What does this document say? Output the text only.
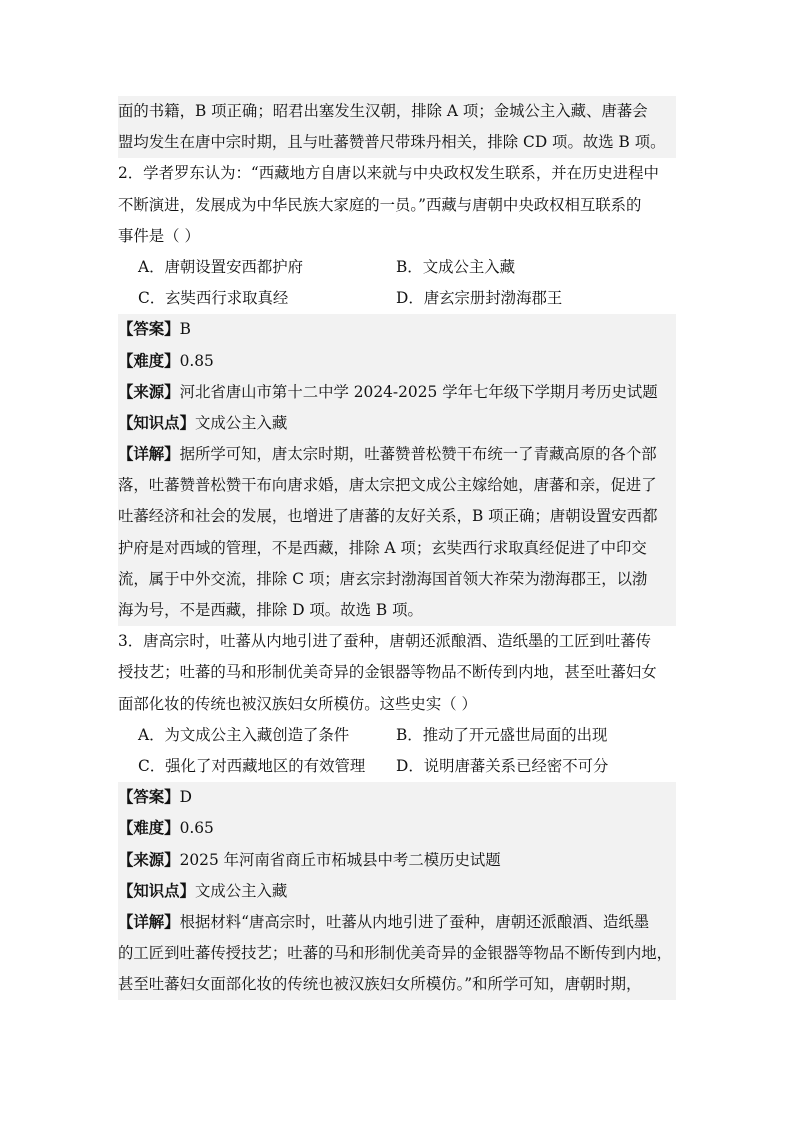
面的书籍，B 项正确；昭君出塞发生汉朝，排除 A 项；金城公主入藏、唐蕃会
盟均发生在唐中宗时期，且与吐蕃赞普尺带珠丹相关，排除 CD 项。故选 B 项。
2．学者罗东认为：“西藏地方自唐以来就与中央政权发生联系，并在历史进程中
不断演进，发展成为中华民族大家庭的一员。”西藏与唐朝中央政权相互联系的
事件是（ ）
A．唐朝设置安西都护府	B．文成公主入藏
C．玄奘西行求取真经	D．唐玄宗册封渤海郡王
【答案】B
【难度】0.85
【来源】河北省唐山市第十二中学 2024-2025 学年七年级下学期月考历史试题
【知识点】文成公主入藏
【详解】据所学可知，唐太宗时期，吐蕃赞普松赞干布统一了青藏高原的各个部
落，吐蕃赞普松赞干布向唐求婚，唐太宗把文成公主嫁给她，唐蕃和亲，促进了
吐蕃经济和社会的发展，也增进了唐蕃的友好关系，B 项正确；唐朝设置安西都
护府是对西域的管理，不是西藏，排除 A 项；玄奘西行求取真经促进了中印交
流，属于中外交流，排除 C 项；唐玄宗封渤海国首领大祚荣为渤海郡王，以渤
海为号，不是西藏，排除 D 项。故选 B 项。
3．唐高宗时，吐蕃从内地引进了蚕种，唐朝还派酿酒、造纸墨的工匠到吐蕃传
授技艺；吐蕃的马和形制优美奇异的金银器等物品不断传到内地，甚至吐蕃妇女
面部化妆的传统也被汉族妇女所模仿。这些史实（ ）
A．为文成公主入藏创造了条件	B．推动了开元盛世局面的出现
C．强化了对西藏地区的有效管理 D．说明唐蕃关系已经密不可分
【答案】D
【难度】0.65
【来源】2025 年河南省商丘市柘城县中考二模历史试题
【知识点】文成公主入藏
【详解】根据材料“唐高宗时，吐蕃从内地引进了蚕种，唐朝还派酿酒、造纸墨
的工匠到吐蕃传授技艺；吐蕃的马和形制优美奇异的金银器等物品不断传到内地，
甚至吐蕃妇女面部化妆的传统也被汉族妇女所模仿。”和所学可知，唐朝时期，
